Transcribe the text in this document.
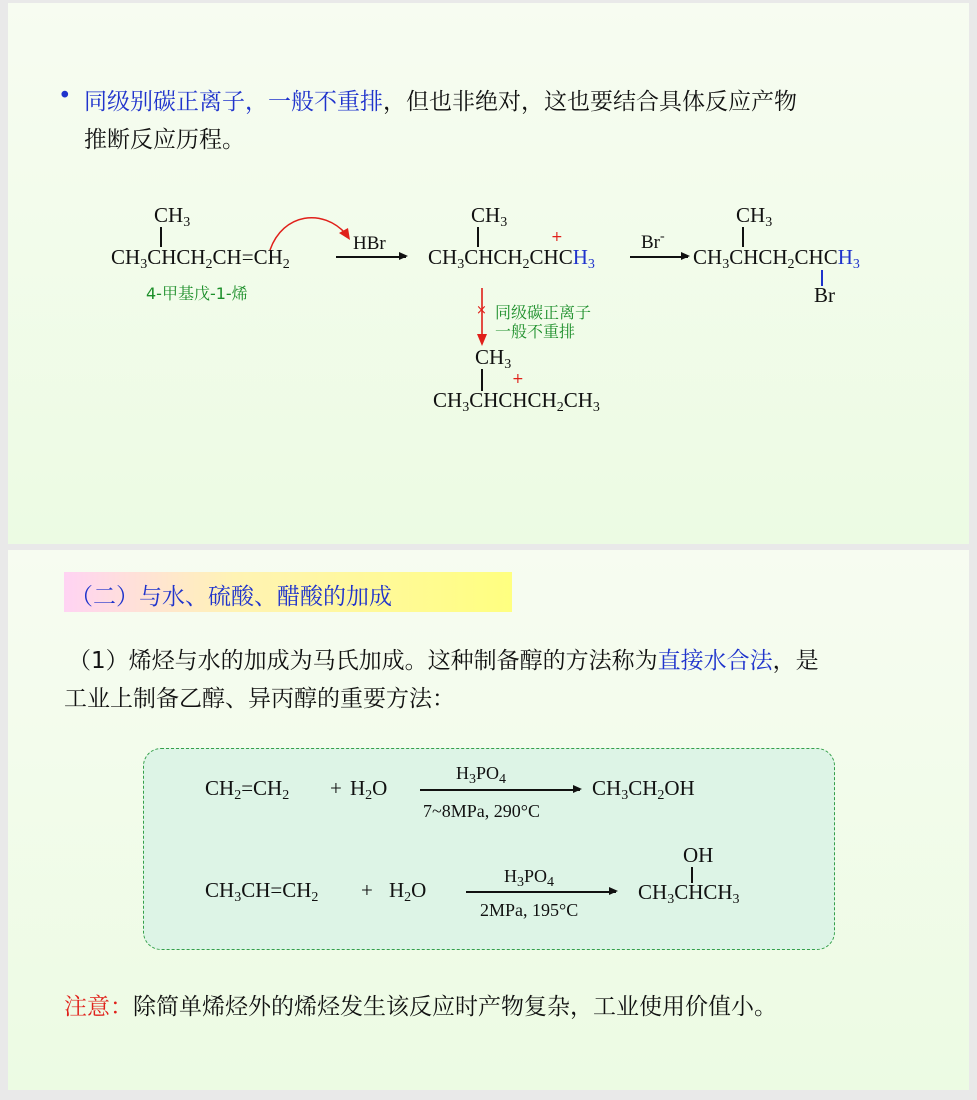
• 同级别碳正离子，一般不重排，但也非绝对，这也要结合具体反应产物
推断反应历程。
$CH_3$
$CH_3CHCH_2CH=CH_2$
4-甲基戊-1-烯
HBr
$CH_3$
+
$CH_3CHCH_2CHCH_3$
Br-
$CH_3$
$CH_3CHCH_2CHCH_3$
Br
× 同级碳正离子
一般不重排
$CH_3$
+
$CH_3CHCHCH_2CH_3$
（二）与水、硫酸、醋酸的加成
（1）烯烃与水的加成为马氏加成。这种制备醇的方法称为直接水合法，是
工业上制备乙醇、异丙醇的重要方法：
$CH_2=CH_2 + H_2O$
$H_3PO_4$
7~8MPa, 290°C
$CH_3CH_2OH$
$CH_3CH=CH_2 + H_2O$
$H_3PO_4$
2MPa, 195°C
OH
$CH_3CHCH_3$
注意：除简单烯烃外的烯烃发生该反应时产物复杂，工业使用价值小。
